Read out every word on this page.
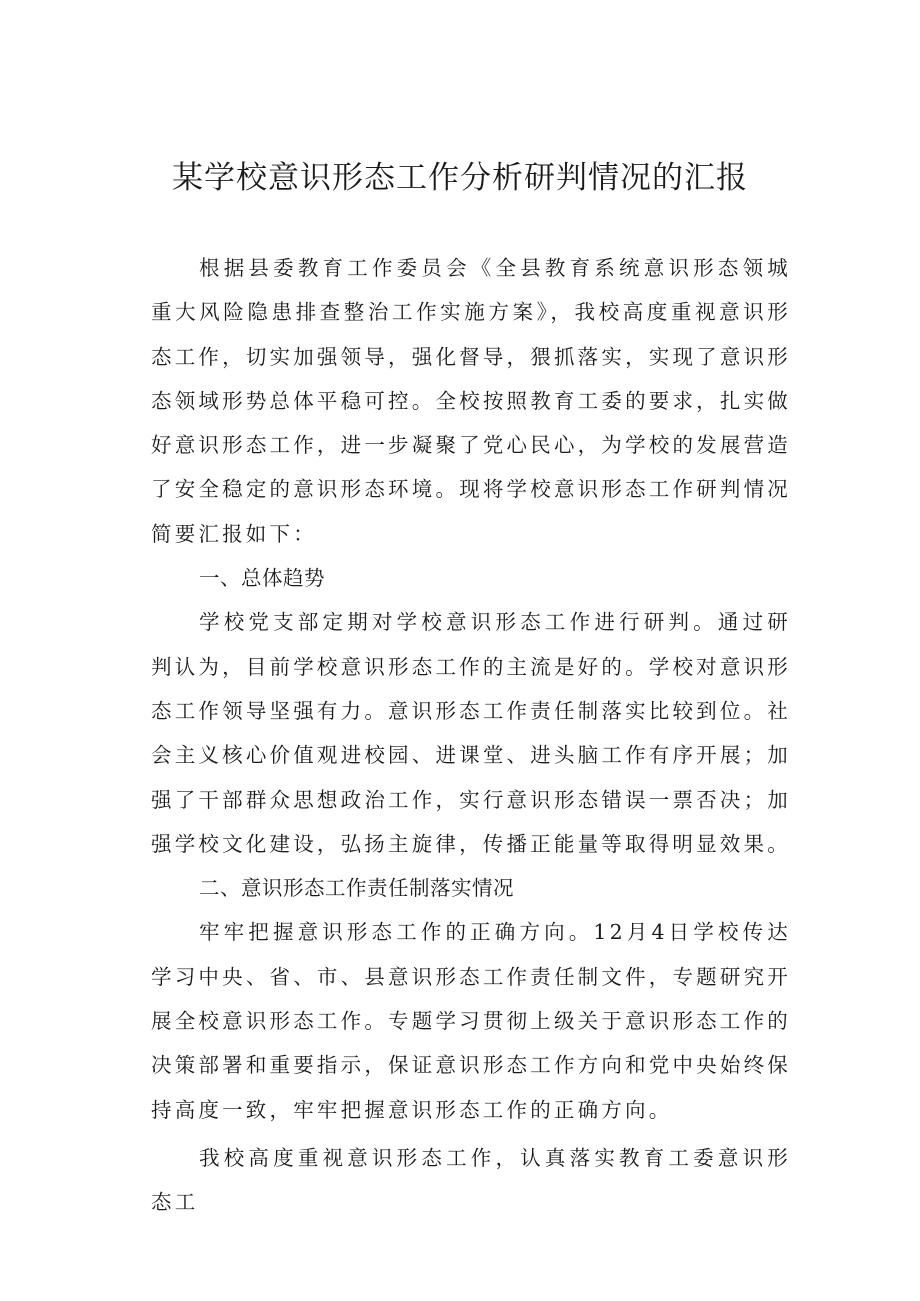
某学校意识形态工作分析研判情况的汇报

根据县委教育工作委员会《全县教育系统意识形态领城重大风险隐患排查整治工作实施方案》，我校高度重视意识形态工作，切实加强领导，强化督导，猥抓落实，实现了意识形态领域形势总体平稳可控。全校按照教育工委的要求，扎实做好意识形态工作，进一步凝聚了党心民心，为学校的发展营造了安全稳定的意识形态环境。现将学校意识形态工作研判情况简要汇报如下：

一、总体趋势

学校党支部定期对学校意识形态工作进行研判。通过研判认为，目前学校意识形态工作的主流是好的。学校对意识形态工作领导坚强有力。意识形态工作责任制落实比较到位。社会主义核心价值观进校园、进课堂、进头脑工作有序开展；加强了干部群众思想政治工作，实行意识形态错误一票否决；加强学校文化建设，弘扬主旋律，传播正能量等取得明显效果。

二、意识形态工作责任制落实情况

牢牢把握意识形态工作的正确方向。12月4日学校传达学习中央、省、市、县意识形态工作责任制文件，专题研究开展全校意识形态工作。专题学习贯彻上级关于意识形态工作的决策部署和重要指示，保证意识形态工作方向和党中央始终保持高度一致，牢牢把握意识形态工作的正确方向。

我校高度重视意识形态工作，认真落实教育工委意识形态工
